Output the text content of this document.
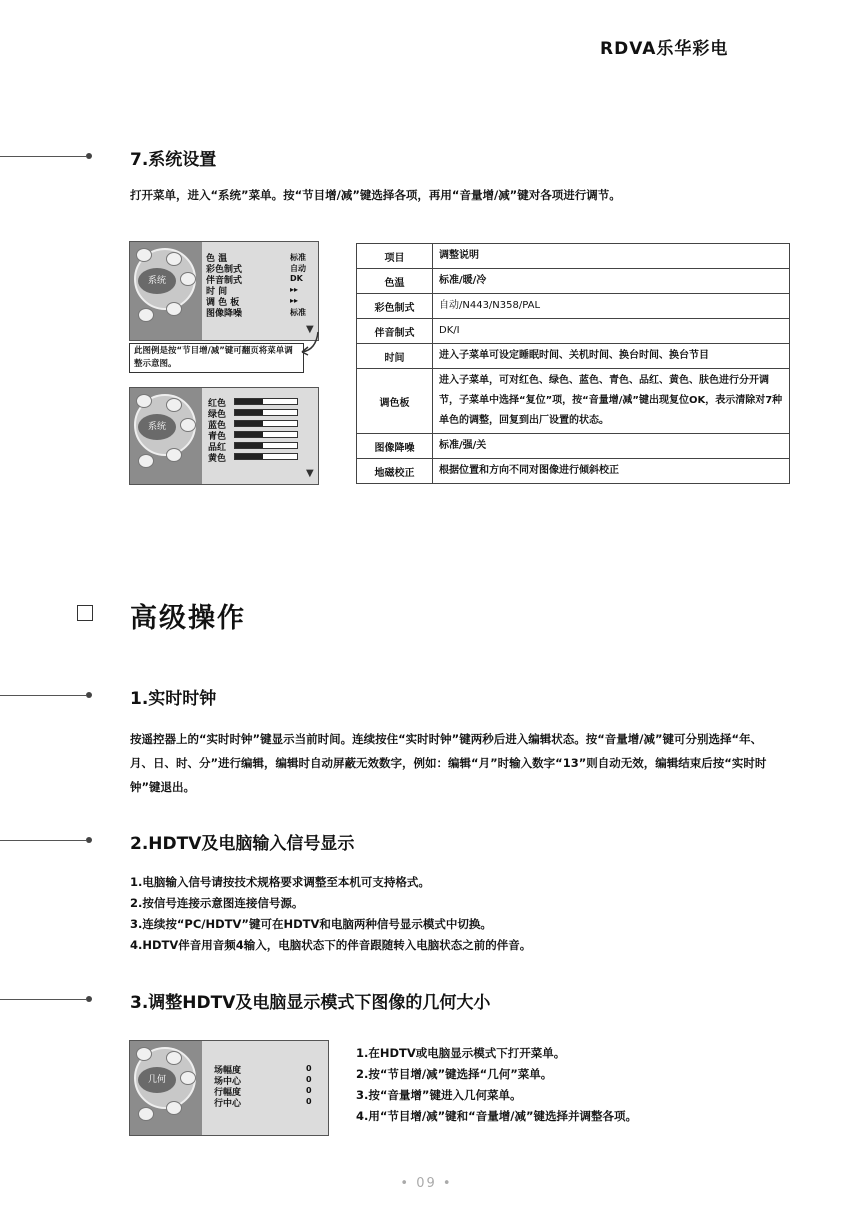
RDVA乐华彩电
7.系统设置
打开菜单，进入“系统”菜单。按“节目增/减”键选择各项，再用“音量增/减”键对各项进行调节。
系统
色 温	标准
彩色制式	自动
伴音制式	DK
时 间	▸▸
调 色 板	▸▸
图像降噪	标准
▼
此图例是按“节目增/减”键可翻页将菜单调整示意图。
系统
红色
绿色
蓝色
青色
品红
黄色
▼
项目	调整说明
色温	标准/暖/冷
彩色制式	自动/N443/N358/PAL
伴音制式	DK/I
时间	进入子菜单可设定睡眠时间、关机时间、换台时间、换台节目
调色板	进入子菜单，可对红色、绿色、蓝色、青色、品红、黄色、肤色进行分开调节，子菜单中选择“复位”项，按“音量增/减”键出现复位OK，表示清除对7种单色的调整，回复到出厂设置的状态。
图像降噪	标准/强/关
地磁校正	根据位置和方向不同对图像进行倾斜校正
高级操作
1.实时时钟
按遥控器上的“实时时钟”键显示当前时间。连续按住“实时时钟”键两秒后进入编辑状态。按“音量增/减”键可分别选择“年、月、日、时、分”进行编辑，编辑时自动屏蔽无效数字，例如：编辑“月”时输入数字“13”则自动无效，编辑结束后按“实时时钟”键退出。
2.HDTV及电脑输入信号显示
1.电脑输入信号请按技术规格要求调整至本机可支持格式。
2.按信号连接示意图连接信号源。
3.连续按“PC/HDTV”键可在HDTV和电脑两种信号显示模式中切换。
4.HDTV伴音用音频4输入，电脑状态下的伴音跟随转入电脑状态之前的伴音。
3.调整HDTV及电脑显示模式下图像的几何大小
几何
场幅度	0
场中心	0
行幅度	0
行中心	0
1.在HDTV或电脑显示模式下打开菜单。
2.按“节目增/减”键选择“几何”菜单。
3.按“音量增”键进入几何菜单。
4.用“节目增/减”键和“音量增/减”键选择并调整各项。
• 09 •
